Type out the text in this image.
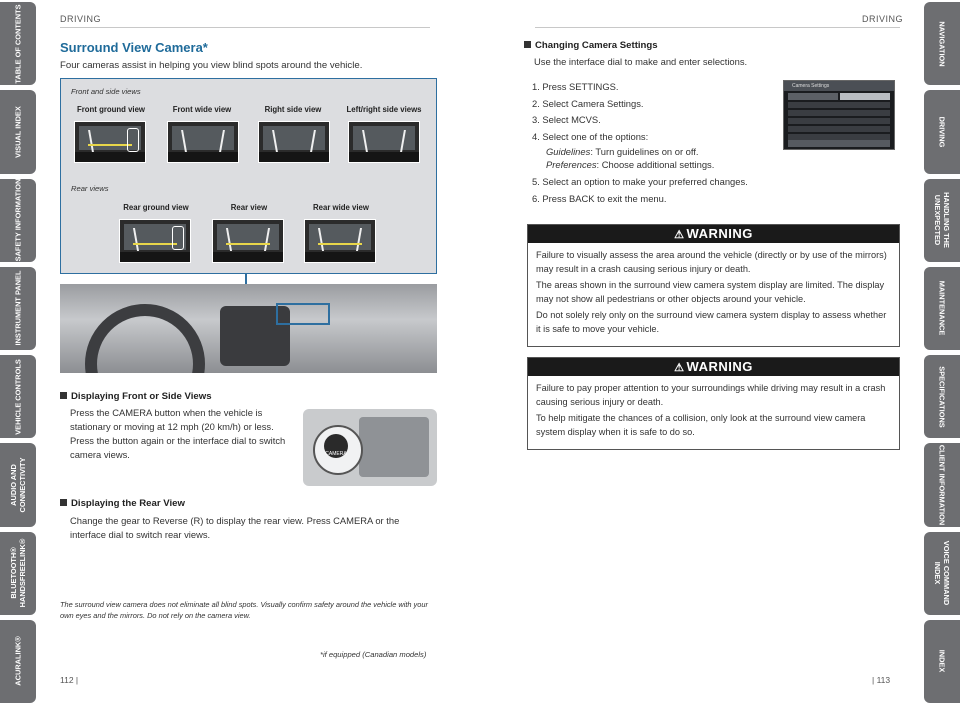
TABLE OF CONTENTS
VISUAL INDEX
SAFETY INFORMATION
INSTRUMENT PANEL
VEHICLE CONTROLS
AUDIO AND CONNECTIVITY
BLUETOOTH® HANDSFREELINK®
ACURALINK®
NAVIGATION
DRIVING
HANDLING THE UNEXPECTED
MAINTENANCE
SPECIFICATIONS
CLIENT INFORMATION
VOICE COMMAND INDEX
INDEX
DRIVING
Surround View Camera*
Four cameras assist in helping you view blind spots around the vehicle.
Front and side views
Front ground view	Front wide view	Right side view	Left/right side views
Rear views
Rear ground view	Rear view	Rear wide view
Displaying Front or Side Views
Press the CAMERA button when the vehicle is stationary or moving at 12 mph (20 km/h) or less. Press the button again or the interface dial to switch camera views.	CAMERA
Displaying the Rear View
Change the gear to Reverse (R) to display the rear view. Press CAMERA or the interface dial to switch rear views.
The surround view camera does not eliminate all blind spots. Visually confirm safety around the vehicle with your own eyes and the mirrors. Do not rely on the camera view.
*if equipped (Canadian models)
112 |
DRIVING
Changing Camera Settings
Use the interface dial to make and enter selections.
1. Press SETTINGS.
2. Select Camera Settings.
3. Select MCVS.
4. Select one of the options:
Guidelines: Turn guidelines on or off.
Preferences: Choose additional settings.
5. Select an option to make your preferred changes.
6. Press BACK to exit the menu.
Camera Settings
⚠ WARNING

Failure to visually assess the area around the vehicle (directly or by use of the mirrors) may result in a crash causing serious injury or death.

The areas shown in the surround view camera system display are limited. The display may not show all pedestrians or other objects around your vehicle.

Do not solely rely only on the surround view camera system display to assess whether it is safe to move your vehicle.

⚠ WARNING

Failure to pay proper attention to your surroundings while driving may result in a crash causing serious injury or death.

To help mitigate the chances of a collision, only look at the surround view camera system display when it is safe to do so.

| 113
